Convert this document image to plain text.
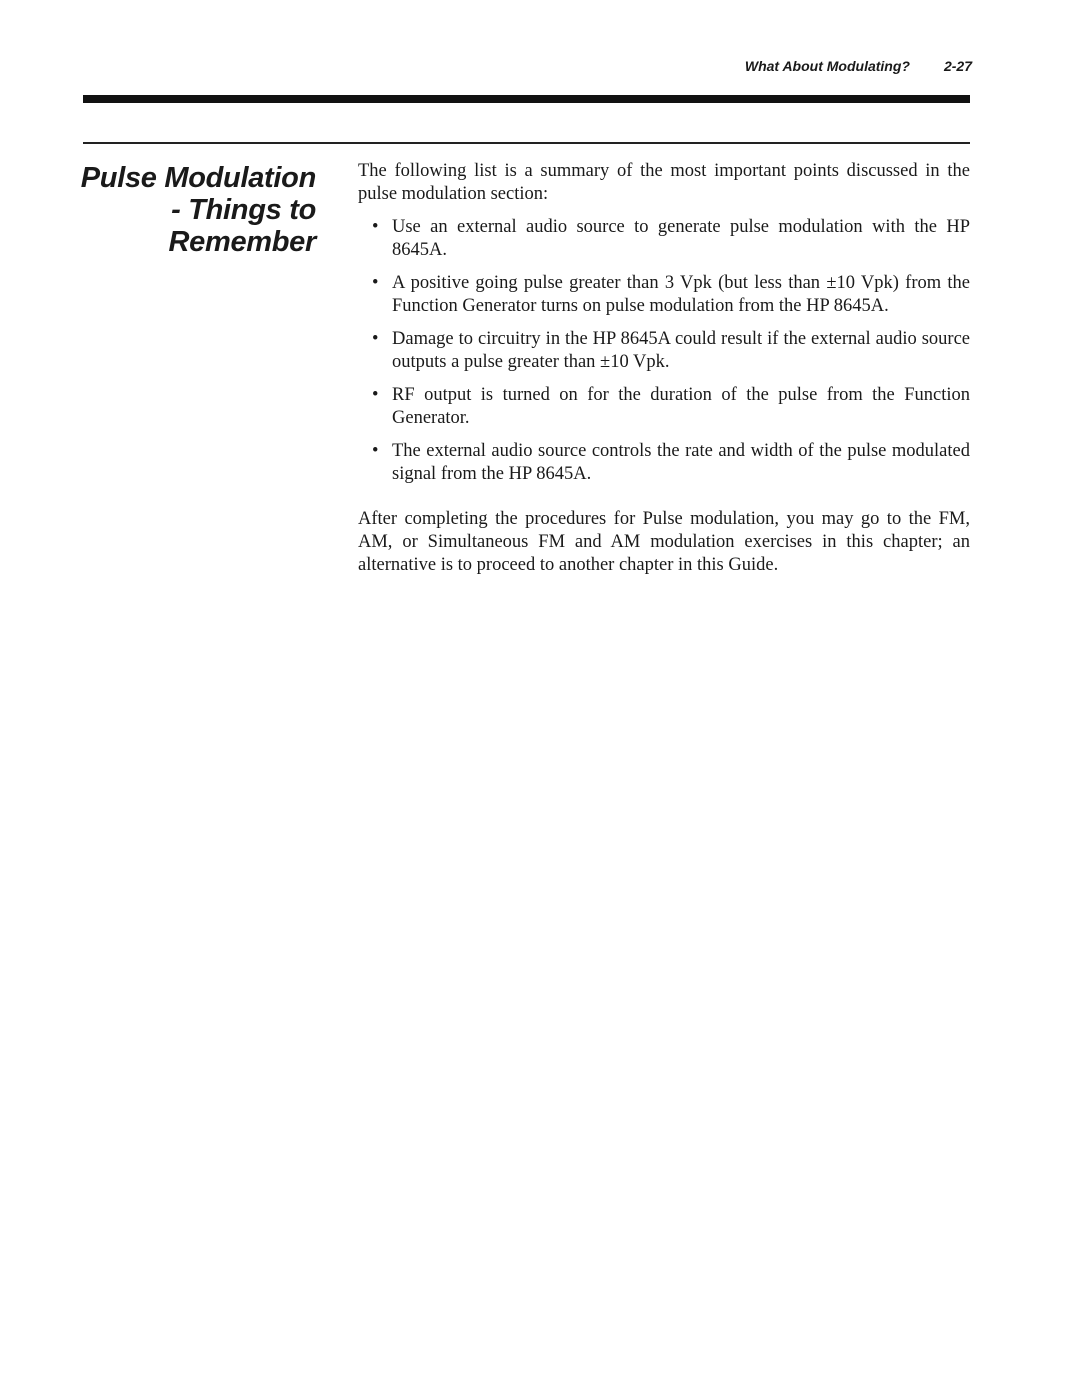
What About Modulating? 2-27
Pulse Modulation
- Things to
Remember

The following list is a summary of the most important points discussed in the pulse modulation section:

• Use an external audio source to generate pulse modulation with the HP 8645A.
• A positive going pulse greater than 3 Vpk (but less than ±10 Vpk) from the Function Generator turns on pulse modulation from the HP 8645A.
• Damage to circuitry in the HP 8645A could result if the external audio source outputs a pulse greater than ±10 Vpk.
• RF output is turned on for the duration of the pulse from the Function Generator.
• The external audio source controls the rate and width of the pulse modulated signal from the HP 8645A.

After completing the procedures for Pulse modulation, you may go to the FM, AM, or Simultaneous FM and AM modulation exercises in this chapter; an alternative is to proceed to another chapter in this Guide.
